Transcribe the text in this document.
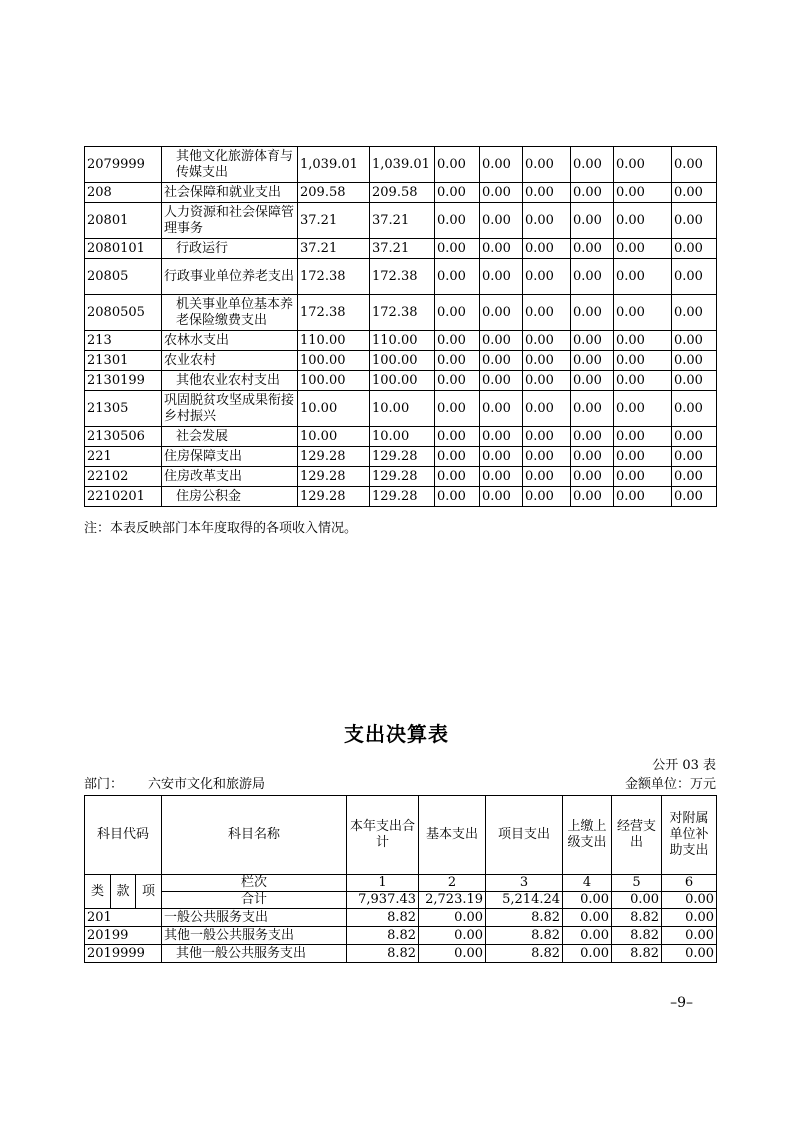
2079999	其他文化旅游体育与传媒支出	1,039.01	1,039.01	0.00	0.00	0.00	0.00	0.00	0.00
208	社会保障和就业支出	209.58	209.58	0.00	0.00	0.00	0.00	0.00	0.00
20801	人力资源和社会保障管理事务	37.21	37.21	0.00	0.00	0.00	0.00	0.00	0.00
2080101	行政运行	37.21	37.21	0.00	0.00	0.00	0.00	0.00	0.00
20805	行政事业单位养老支出	172.38	172.38	0.00	0.00	0.00	0.00	0.00	0.00
2080505	机关事业单位基本养老保险缴费支出	172.38	172.38	0.00	0.00	0.00	0.00	0.00	0.00
213	农林水支出	110.00	110.00	0.00	0.00	0.00	0.00	0.00	0.00
21301	农业农村	100.00	100.00	0.00	0.00	0.00	0.00	0.00	0.00
2130199	其他农业农村支出	100.00	100.00	0.00	0.00	0.00	0.00	0.00	0.00
21305	巩固脱贫攻坚成果衔接乡村振兴	10.00	10.00	0.00	0.00	0.00	0.00	0.00	0.00
2130506	社会发展	10.00	10.00	0.00	0.00	0.00	0.00	0.00	0.00
221	住房保障支出	129.28	129.28	0.00	0.00	0.00	0.00	0.00	0.00
22102	住房改革支出	129.28	129.28	0.00	0.00	0.00	0.00	0.00	0.00
2210201	住房公积金	129.28	129.28	0.00	0.00	0.00	0.00	0.00	0.00
注：本表反映部门本年度取得的各项收入情况。
支出决算表
公开 03 表
部门： 六安市文化和旅游局	金额单位：万元
科目代码			科目名称	本年支出合计	基本支出	项目支出	上缴上级支出	经营支出	对附属单位补助支出
类	款	项	栏次	1	2	3	4	5	6
			合计	7,937.43	2,723.19	5,214.24	0.00	0.00	0.00
201			一般公共服务支出	8.82	0.00	8.82	0.00	8.82	0.00
20199			其他一般公共服务支出	8.82	0.00	8.82	0.00	8.82	0.00
2019999			其他一般公共服务支出	8.82	0.00	8.82	0.00	8.82	0.00
–9–
